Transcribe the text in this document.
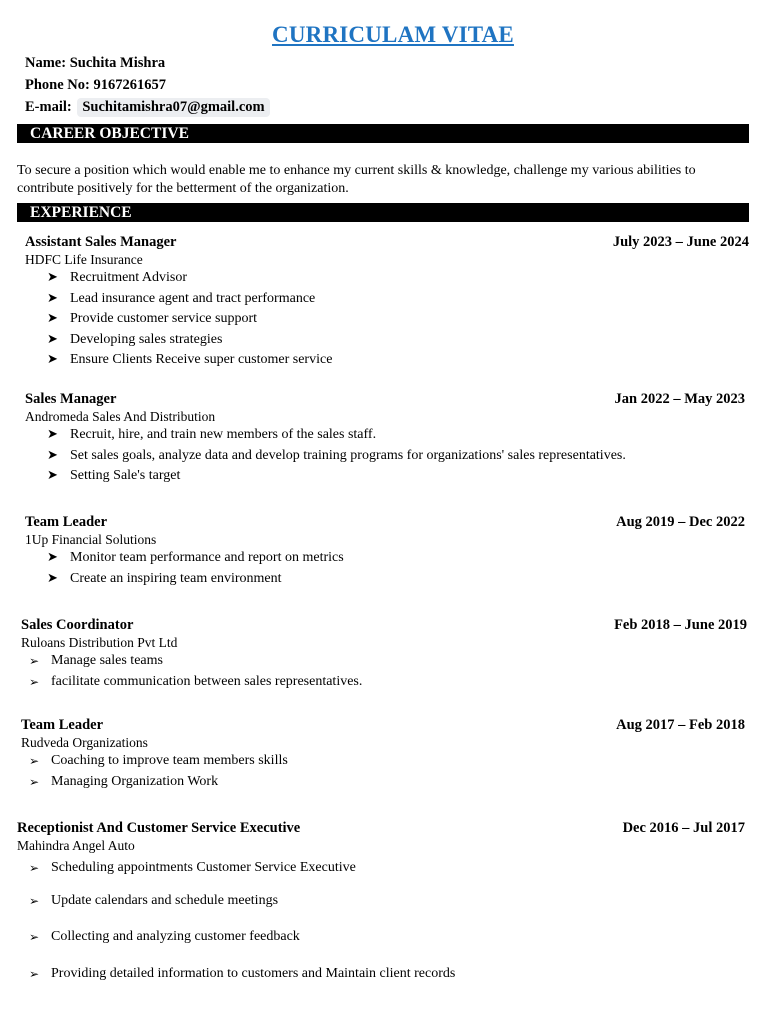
CURRICULAM VITAE
Name: Suchita Mishra
Phone No: 9167261657
E-mail: Suchitamishra07@gmail.com
CAREER OBJECTIVE
To secure a position which would enable me to enhance my current skills & knowledge, challenge my various abilities to contribute positively for the betterment of the organization.
EXPERIENCE
Assistant Sales Manager	July 2023 – June 2024
HDFC Life Insurance
➤ Recruitment Advisor
➤ Lead insurance agent and tract performance
➤ Provide customer service support
➤ Developing sales strategies
➤ Ensure Clients Receive super customer service
Sales Manager	Jan 2022 – May 2023
Andromeda Sales And Distribution
➤ Recruit, hire, and train new members of the sales staff.
➤ Set sales goals, analyze data and develop training programs for organizations' sales representatives.
➤ Setting Sale's target
Team Leader	Aug 2019 – Dec 2022
1Up Financial Solutions
➤ Monitor team performance and report on metrics
➤ Create an inspiring team environment
Sales Coordinator	Feb 2018 – June 2019
Ruloans Distribution Pvt Ltd
➢ Manage sales teams
➢ facilitate communication between sales representatives.
Team Leader	Aug 2017 – Feb 2018
Rudveda Organizations
➢ Coaching to improve team members skills
➢ Managing Organization Work
Receptionist And Customer Service Executive	Dec 2016 – Jul 2017
Mahindra Angel Auto
➢ Scheduling appointments Customer Service Executive
➢ Update calendars and schedule meetings
➢ Collecting and analyzing customer feedback
➢ Providing detailed information to customers and Maintain client records
